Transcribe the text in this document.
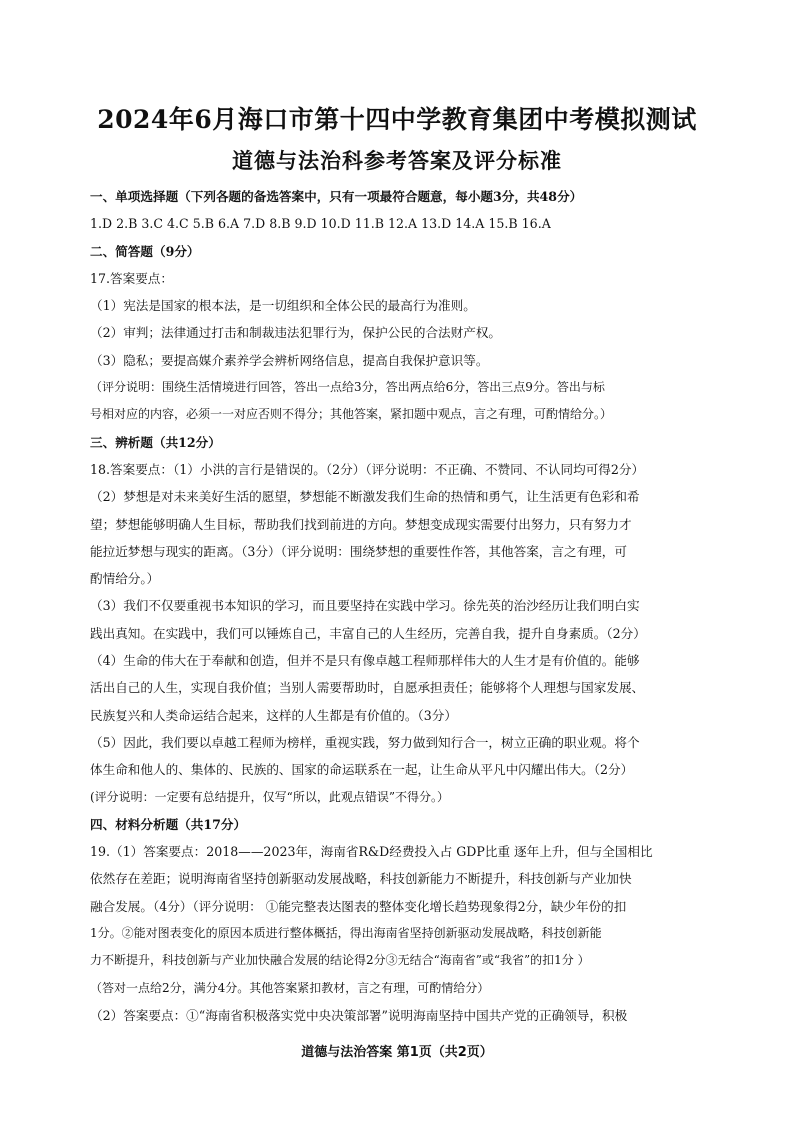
2024年6月海口市第十四中学教育集团中考模拟测试
道德与法治科参考答案及评分标准
一、单项选择题（下列各题的备选答案中，只有一项最符合题意，每小题3分，共48分）
1.D 2.B 3.C 4.C 5.B 6.A 7.D 8.B 9.D 10.D 11.B 12.A 13.D 14.A 15.B 16.A
二、简答题（9分）
17.答案要点：
（1）宪法是国家的根本法，是一切组织和全体公民的最高行为准则。
（2）审判；法律通过打击和制裁违法犯罪行为，保护公民的合法财产权。
（3）隐私；要提高媒介素养学会辨析网络信息，提高自我保护意识等。
（评分说明：围绕生活情境进行回答，答出一点给3分，答出两点给6分，答出三点9分。答出与标
号相对应的内容，必须一一对应否则不得分；其他答案，紧扣题中观点，言之有理，可酌情给分。）
三、辨析题（共12分）
18.答案要点：（1）小洪的言行是错误的。（2分）（评分说明：不正确、不赞同、不认同均可得2分）
（2）梦想是对未来美好生活的愿望，梦想能不断激发我们生命的热情和勇气，让生活更有色彩和希
望；梦想能够明确人生目标，帮助我们找到前进的方向。梦想变成现实需要付出努力，只有努力才
能拉近梦想与现实的距离。（3分）（评分说明：围绕梦想的重要性作答，其他答案，言之有理，可
酌情给分。）
（3）我们不仅要重视书本知识的学习，而且要坚持在实践中学习。徐先英的治沙经历让我们明白实
践出真知。在实践中，我们可以锤炼自己，丰富自己的人生经历，完善自我，提升自身素质。（2分）
（4）生命的伟大在于奉献和创造，但并不是只有像卓越工程师那样伟大的人生才是有价值的。能够
活出自己的人生，实现自我价值；当别人需要帮助时，自愿承担责任；能够将个人理想与国家发展、
民族复兴和人类命运结合起来，这样的人生都是有价值的。（3分）
（5）因此，我们要以卓越工程师为榜样，重视实践，努力做到知行合一，树立正确的职业观。将个
体生命和他人的、集体的、民族的、国家的命运联系在一起，让生命从平凡中闪耀出伟大。（2分）
(评分说明：一定要有总结提升，仅写“所以，此观点错误”不得分。）
四、材料分析题（共17分）
19.（1）答案要点：2018——2023年，海南省R&D经费投入占 GDP比重 逐年上升，但与全国相比
依然存在差距；说明海南省坚持创新驱动发展战略，科技创新能力不断提升，科技创新与产业加快
融合发展。（4分）（评分说明： ①能完整表达图表的整体变化增长趋势现象得2分，缺少年份的扣
1分。②能对图表变化的原因本质进行整体概括，得出海南省坚持创新驱动发展战略，科技创新能
力不断提升，科技创新与产业加快融合发展的结论得2分③无结合“海南省”或“我省”的扣1分 ）
（答对一点给2分，满分4分。其他答案紧扣教材，言之有理，可酌情给分）
（2）答案要点：①“海南省积极落实党中央决策部署”说明海南坚持中国共产党的正确领导，积极
道德与法治答案 第1页（共2页）
